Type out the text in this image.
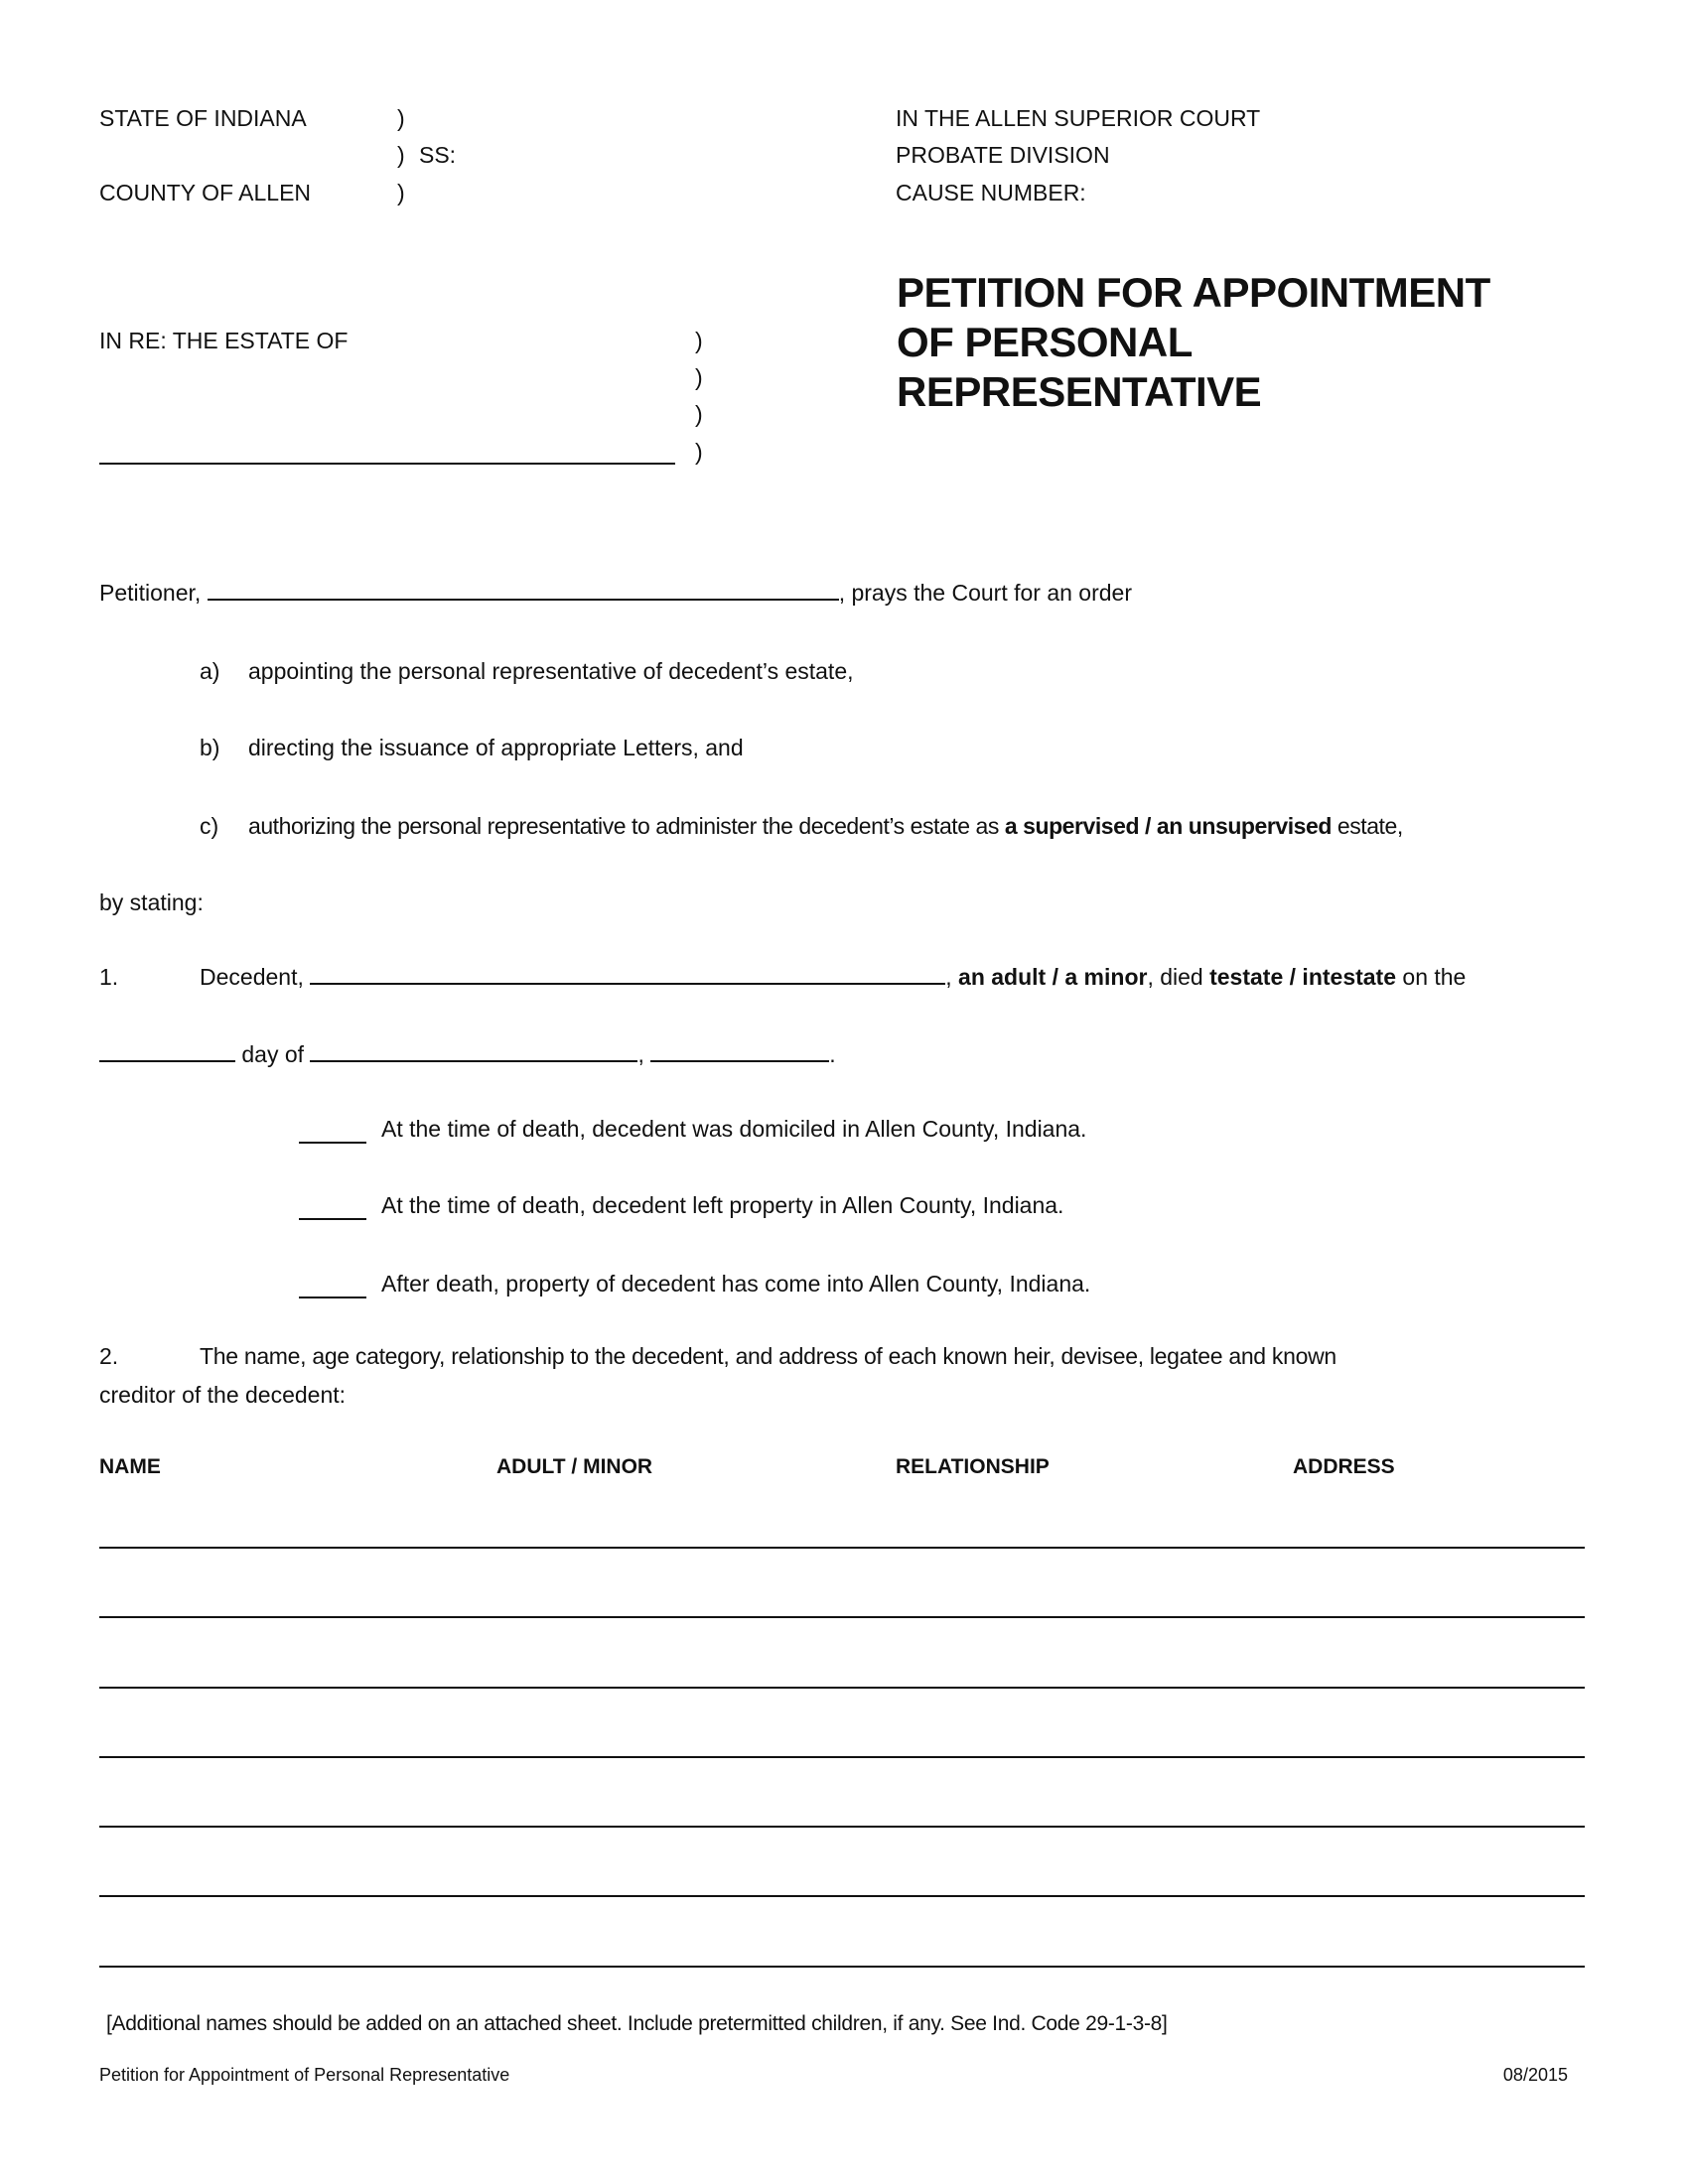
STATE OF INDIANA	)
) SS:
COUNTY OF ALLEN	)
IN THE ALLEN SUPERIOR COURT
PROBATE DIVISION
CAUSE NUMBER:
PETITION FOR APPOINTMENT
OF PERSONAL
REPRESENTATIVE
IN RE: THE ESTATE OF	)
)
)
)
Petitioner,	, prays the Court for an order
a) appointing the personal representative of decedent’s estate,
b) directing the issuance of appropriate Letters, and
c) authorizing the personal representative to administer the decedent’s estate as a supervised / an unsupervised estate,
by stating:
1.	Decedent,	, an adult / a minor, died testate / intestate on the
day of	,	.
At the time of death, decedent was domiciled in Allen County, Indiana.
At the time of death, decedent left property in Allen County, Indiana.
After death, property of decedent has come into Allen County, Indiana.
2.	The name, age category, relationship to the decedent, and address of each known heir, devisee, legatee and known
creditor of the decedent:
NAME	ADULT / MINOR	RELATIONSHIP	ADDRESS
[Additional names should be added on an attached sheet. Include pretermitted children, if any. See Ind. Code 29-1-3-8]
Petition for Appointment of Personal Representative	08/2015
